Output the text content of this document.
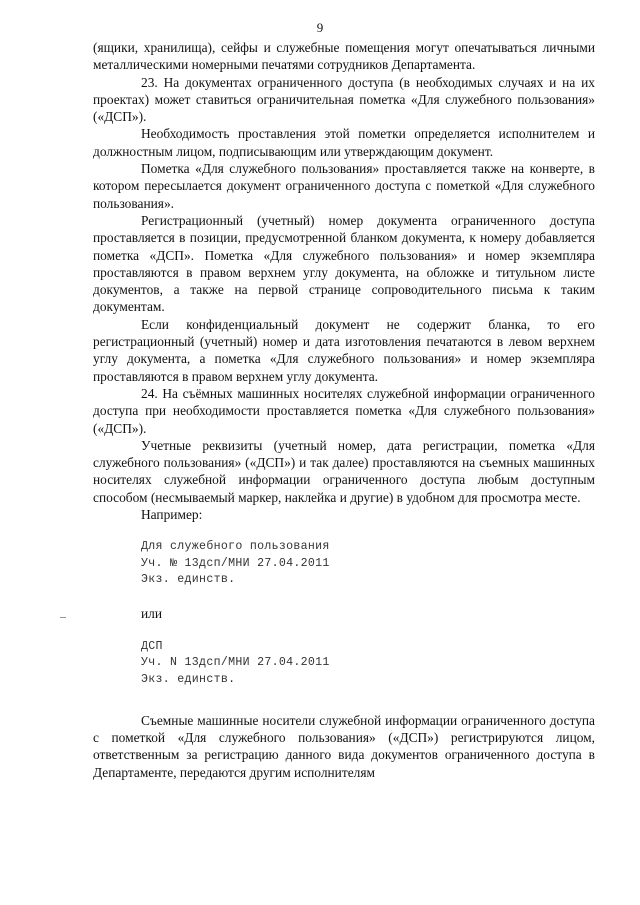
9

(ящики, хранилища), сейфы и служебные помещения могут опечатываться личными металлическими номерными печатями сотрудников Департамента.

23. На документах ограниченного доступа (в необходимых случаях и на их проектах) может ставиться ограничительная пометка «Для служебного пользования» («ДСП»).

Необходимость проставления этой пометки определяется исполнителем и должностным лицом, подписывающим или утверждающим документ.

Пометка «Для служебного пользования» проставляется также на конверте, в котором пересылается документ ограниченного доступа с пометкой «Для служебного пользования».

Регистрационный (учетный) номер документа ограниченного доступа проставляется в позиции, предусмотренной бланком документа, к номеру добавляется пометка «ДСП». Пометка «Для служебного пользования» и номер экземпляра проставляются в правом верхнем углу документа, на обложке и титульном листе документов, а также на первой странице сопроводительного письма к таким документам.

Если конфиденциальный документ не содержит бланка, то его регистрационный (учетный) номер и дата изготовления печатаются в левом верхнем углу документа, а пометка «Для служебного пользования» и номер экземпляра проставляются в правом верхнем углу документа.

24. На съёмных машинных носителях служебной информации ограниченного доступа при необходимости проставляется пометка «Для служебного пользования» («ДСП»).

Учетные реквизиты (учетный номер, дата регистрации, пометка «Для служебного пользования» («ДСП») и так далее) проставляются на съемных машинных носителях служебной информации ограниченного доступа любым доступным способом (несмываемый маркер, наклейка и другие) в удобном для просмотра месте.

Например:

Для служебного пользования
Уч. № 13дсп/МНИ 27.04.2011
Экз. единств.
или
ДСП
Уч. N 13дсп/МНИ 27.04.2011
Экз. единств.

Съемные машинные носители служебной информации ограниченного доступа с пометкой «Для служебного пользования» («ДСП») регистрируются лицом, ответственным за регистрацию данного вида документов ограниченного доступа в Департаменте, передаются другим исполнителям
